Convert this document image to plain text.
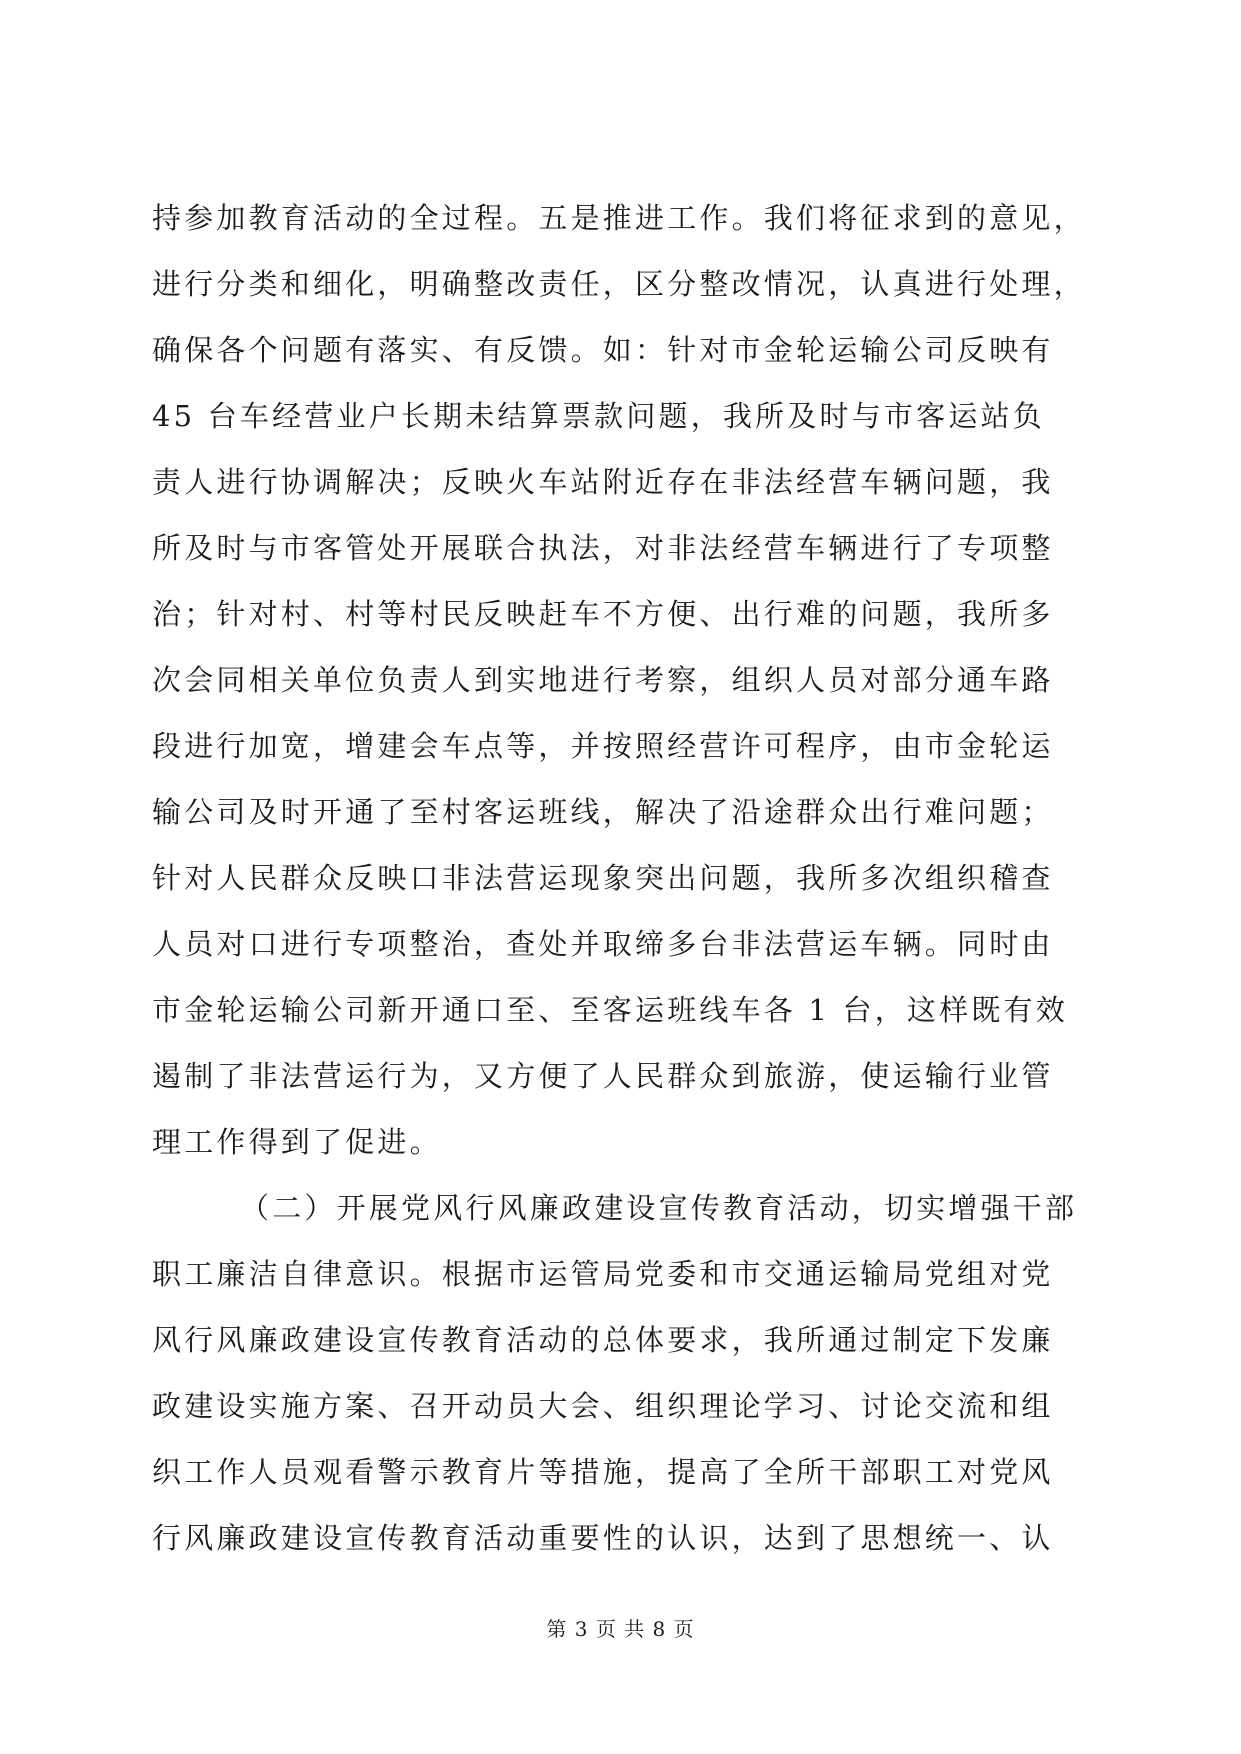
持参加教育活动的全过程。五是推进工作。我们将征求到的意见，
进行分类和细化，明确整改责任，区分整改情况，认真进行处理，
确保各个问题有落实、有反馈。如：针对市金轮运输公司反映有
45 台车经营业户长期未结算票款问题，我所及时与市客运站负
责人进行协调解决；反映火车站附近存在非法经营车辆问题，我
所及时与市客管处开展联合执法，对非法经营车辆进行了专项整
治；针对村、村等村民反映赶车不方便、出行难的问题，我所多
次会同相关单位负责人到实地进行考察，组织人员对部分通车路
段进行加宽，增建会车点等，并按照经营许可程序，由市金轮运
输公司及时开通了至村客运班线，解决了沿途群众出行难问题；
针对人民群众反映口非法营运现象突出问题，我所多次组织稽查
人员对口进行专项整治，查处并取缔多台非法营运车辆。同时由
市金轮运输公司新开通口至、至客运班线车各 1 台，这样既有效
遏制了非法营运行为，又方便了人民群众到旅游，使运输行业管
理工作得到了促进。
（二）开展党风行风廉政建设宣传教育活动，切实增强干部
职工廉洁自律意识。根据市运管局党委和市交通运输局党组对党
风行风廉政建设宣传教育活动的总体要求，我所通过制定下发廉
政建设实施方案、召开动员大会、组织理论学习、讨论交流和组
织工作人员观看警示教育片等措施，提高了全所干部职工对党风
行风廉政建设宣传教育活动重要性的认识，达到了思想统一、认
第 3 页 共 8 页
